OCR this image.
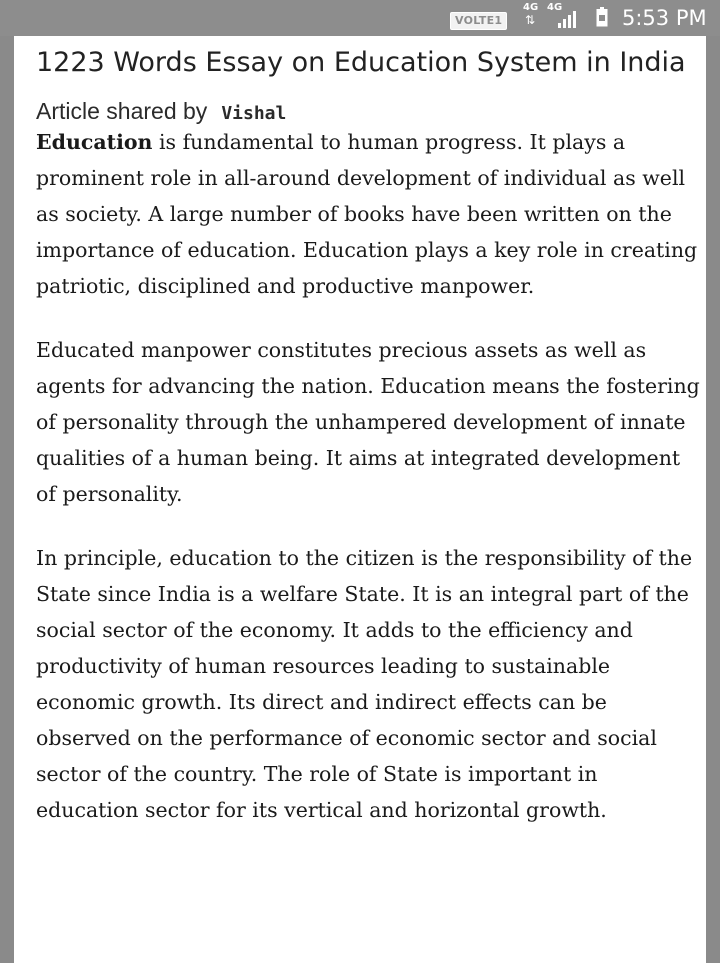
VOLTE1
4G
⇅
4G	5:53 PM
1223 Words Essay on Education System in India
Article shared by Vishal

Education is fundamental to human progress. It plays a prominent role in all-around development of individual as well as society. A large number of books have been written on the importance of education. Education plays a key role in creating patriotic, disciplined and productive manpower.

Educated manpower constitutes precious assets as well as agents for advancing the nation. Education means the fostering of personality through the unhampered development of innate qualities of a human being. It aims at integrated development of personality.

In principle, education to the citizen is the responsibility of the State since India is a welfare State. It is an integral part of the social sector of the economy. It adds to the efficiency and productivity of human resources leading to sustainable economic growth. Its direct and indirect effects can be observed on the performance of economic sector and social sector of the country. The role of State is important in education sector for its vertical and horizontal growth.
